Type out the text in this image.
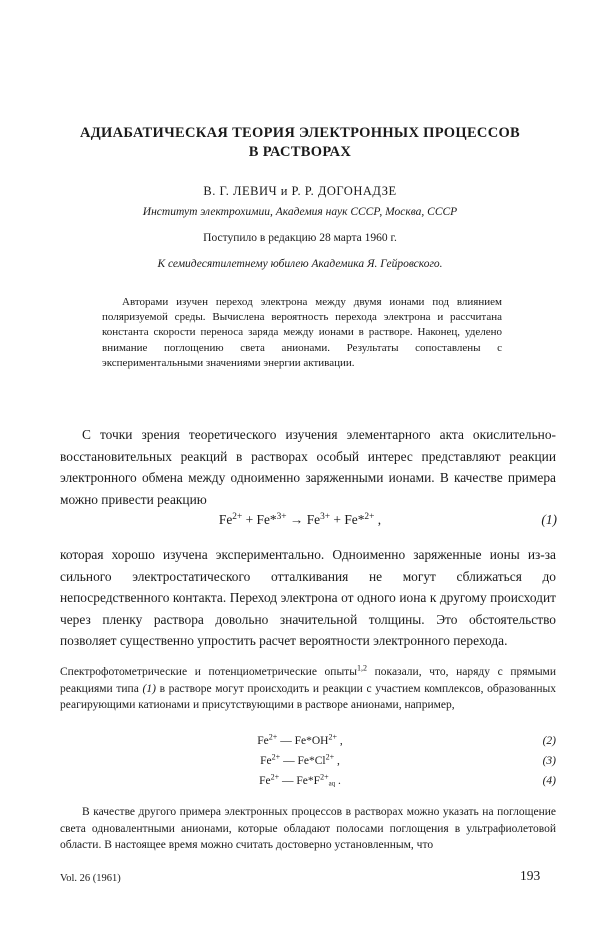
АДИАБАТИЧЕСКАЯ ТЕОРИЯ ЭЛЕКТРОННЫХ ПРОЦЕССОВ
В РАСТВОРАХ
В. Г. ЛЕВИЧ и Р. Р. ДОГОНАДЗЕ
Институт электрохимии, Академия наук СССР, Москва, СССР
Поступило в редакцию 28 марта 1960 г.
К семидесятилетнему юбилею Академика Я. Гейровского.
Авторами изучен переход электрона между двумя ионами под влиянием поляризуемой среды. Вычислена вероятность перехода электрона и рассчитана константа скорости переноса заряда между ионами в растворе. Наконец, уделено внимание поглощению света анионами. Результаты сопоставлены с экспериментальными значениями энергии активации.
С точки зрения теоретического изучения элементарного акта окислительно-восстановительных реакций в растворах особый интерес представляют реакции электронного обмена между одноименно заряженными ионами. В качестве примера можно привести реакцию
$Fe^{2+} + Fe*^{3+} \to Fe^{3+} + Fe*^{2+}$ ,	(1)
которая хорошо изучена экспериментально. Одноименно заряженные ионы из-за сильного электростатического отталкивания не могут сближаться до непосредственного контакта. Переход электрона от одного иона к другому происходит через пленку раствора довольно значительной толщины. Это обстоятельство позволяет существенно упростить расчет вероятности электронного перехода.
Спектрофотометрические и потенциометрические опыты$^{1,2}$ показали, что, наряду с прямыми реакциями типа (1) в растворе могут происходить и реакции с участием комплексов, образованных реагирующими катионами и присутствующими в растворе анионами, например,
$Fe^{2+}$ — $Fe*OH^{2+}$ ,	(2)
$Fe^{2+}$ — $Fe*Cl^{2+}$ ,	(3)
$Fe^{2+}$ — $Fe*F^{2+}_{aq}$ .	(4)
В качестве другого примера электронных процессов в растворах можно указать на поглощение света одновалентными анионами, которые обладают полосами поглощения в ультрафиолетовой области. В настоящее время можно считать достоверно установленным, что
Vol. 26 (1961)	193
